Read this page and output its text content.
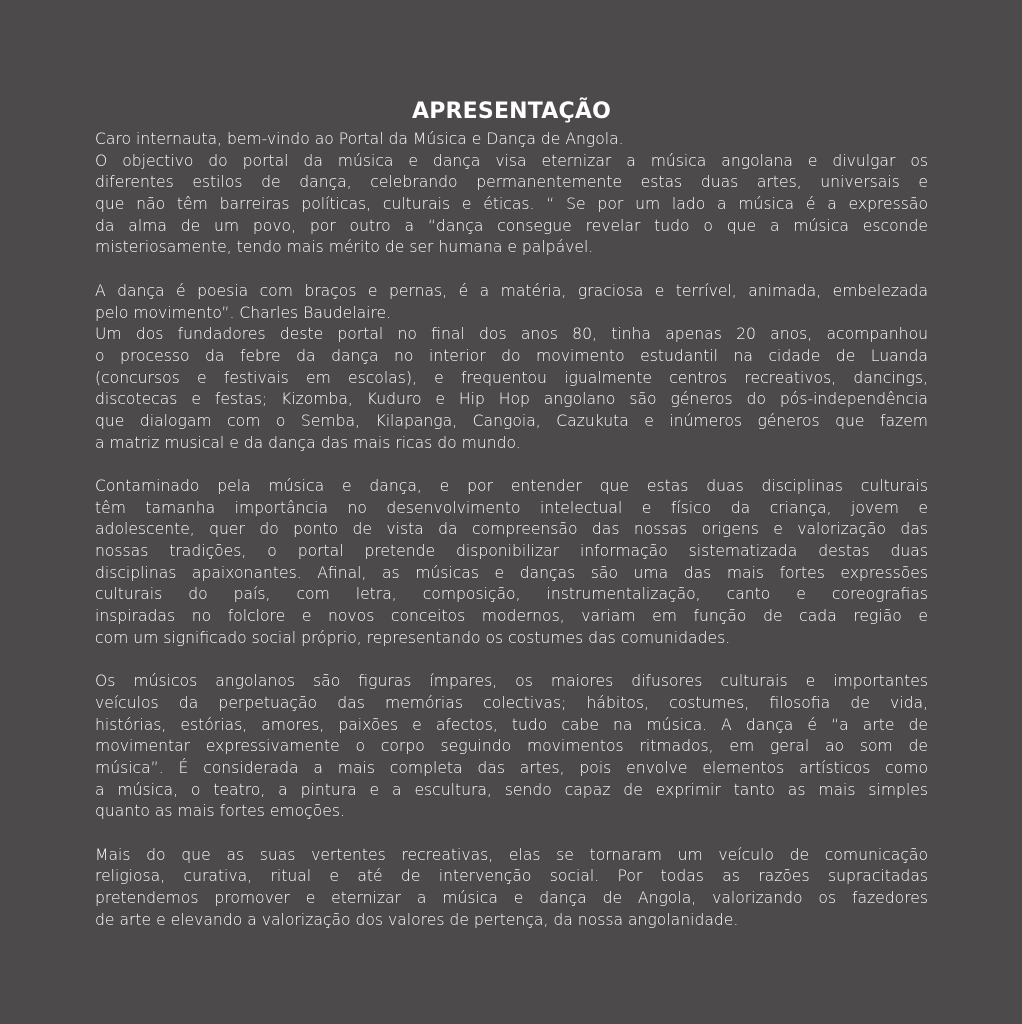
APRESENTAÇÃO
Caro internauta, bem-vindo ao Portal da Música e Dança de Angola.
O objectivo do portal da música e dança visa eternizar a música angolana e divulgar os
diferentes estilos de dança, celebrando permanentemente estas duas artes, universais e
que não têm barreiras políticas, culturais e éticas. “ Se por um lado a música é a expressão
da alma de um povo, por outro a “dança consegue revelar tudo o que a música esconde
misteriosamente, tendo mais mérito de ser humana e palpável.
A dança é poesia com braços e pernas, é a matéria, graciosa e terrível, animada, embelezada
pelo movimento”. Charles Baudelaire.
Um dos fundadores deste portal no final dos anos 80, tinha apenas 20 anos, acompanhou
o processo da febre da dança no interior do movimento estudantil na cidade de Luanda
(concursos e festivais em escolas), e frequentou igualmente centros recreativos, dancings,
discotecas e festas; Kizomba, Kuduro e Hip Hop angolano são géneros do pós-independência
que dialogam com o Semba, Kilapanga, Cangoia, Cazukuta e inúmeros géneros que fazem
a matriz musical e da dança das mais ricas do mundo.
Contaminado pela música e dança, e por entender que estas duas disciplinas culturais
têm tamanha importância no desenvolvimento intelectual e físico da criança, jovem e
adolescente, quer do ponto de vista da compreensão das nossas origens e valorização das
nossas tradições, o portal pretende disponibilizar informação sistematizada destas duas
disciplinas apaixonantes. Afinal, as músicas e danças são uma das mais fortes expressões
culturais do país, com letra, composição, instrumentalização, canto e coreografias
inspiradas no folclore e novos conceitos modernos, variam em função de cada região e
com um significado social próprio, representando os costumes das comunidades.
Os músicos angolanos são figuras ímpares, os maiores difusores culturais e importantes
veículos da perpetuação das memórias colectivas; hábitos, costumes, filosofia de vida,
histórias, estórias, amores, paixões e afectos, tudo cabe na música. A dança é “a arte de
movimentar expressivamente o corpo seguindo movimentos ritmados, em geral ao som de
música”. É considerada a mais completa das artes, pois envolve elementos artísticos como
a música, o teatro, a pintura e a escultura, sendo capaz de exprimir tanto as mais simples
quanto as mais fortes emoções.
Mais do que as suas vertentes recreativas, elas se tornaram um veículo de comunicação
religiosa, curativa, ritual e até de intervenção social. Por todas as razões supracitadas
pretendemos promover e eternizar a música e dança de Angola, valorizando os fazedores
de arte e elevando a valorização dos valores de pertença, da nossa angolanidade.
